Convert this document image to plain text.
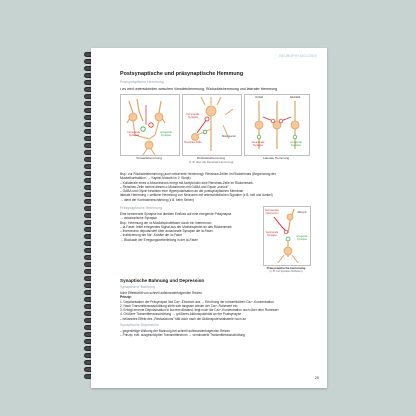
NEUROPHYSIOLOGIE
Postsynaptische und präsynaptische Hemmung
Postsynaptische Hemmung
• es wird unterschieden zwischen Vorwärtshemmung, Rückwärtshemmung und lateraler Hemmung
hemmende Synapse
erregende Synapse
Vorwärtshemmung
Renshaw Zelle
hemmende Synapse
Motoneuron
Rückwärtshemmung
(z. B. über die Renshaw-Hemmung)
Vorfeld	Nachfeld
hemmende Synapse
erregende Synapse
Laterale Hemmung
Bsp.: zur Rückwärtshemmung (auch rekurrente Hemmung): Renshaw-Zellen im Rückenmark (Begrenzung der
Muskelkontraktion, → Kapitel Motorik im 2. Skript)
– Kollaterale eines α-Motoneurons erregt mit Acetylcholin eine Renshaw-Zelle im Rückenmark.
– Renshaw-Zelle hemmt dieses α-Motoneuron mit GABA und Glycin „zurück"
– GABA und Glycin bewirken eine Hyperpolarisation an der postsynaptischen Membran
laterale Hemmung = seitliche Hemmung von Neuronen mit unterschiedlichen Signalen (z.B. hell und dunkel)
→ dient der Kontrastverschärfung (z.B. beim Sehen)
Präsynaptische Hemmung
Eine hemmende Synapse hat direkten Einfluss auf eine erregende Präsynapse
→ axoaxonische Synapse
Bsp.: Hemmung der Ia-Muskelspindelfaser durch ein Interneuron
– Ia-Faser: leitet erregendes Signal aus der Muskelspindel an das Rückenmark
– Interneuron depolarisiert über axoaxonale Synapse die Ia-Faser
– Inaktivierung der Na⁺-Kanäle der Ia-Faser
→ Blockade der Erregungsweiterleitung in der Ia-Faser
hemmendes Interneuron
erregende Synapse
hemmende Synapse
Afferenz
Präsynaptische Hemmung
(z. B. bei Spinalen Reflexen)
Synaptische Bahnung und Depression
Synaptische Bahnung
hohe Effektivität von schnell aufeinanderfolgenden Reizen
Prinzip:
1. Depolarisation der Präsynapse löst Ca²⁺-Einstrom aus → Erhöhung der intrazellulären Ca²⁺-Konzentration
2. Nach Transmitterausschüttung steht sich langsam wieder der Ca²⁺-Ruhewert ein
3. Erfolgt erneute Depolarisation in kurzem Abstand, liegt noch die Ca²⁺-Konzentration noch über dem Ruhewert
4. Größere Transmitterausschüttung → größeres Aktionspotential an der Postsynapse
– bekanntes Effekt des „Restcalciums" fällt auch nach der Aktionspotenzialsserie noch an
Synaptische Depression
– gegenteilige Wirkung der Bahnung bei schnell aufeinanderfolgenden Reizen
– Prinzip: evtl. ausgeschöpfter Transmitterstrom → verminderte Transmitterausschüttung
29
